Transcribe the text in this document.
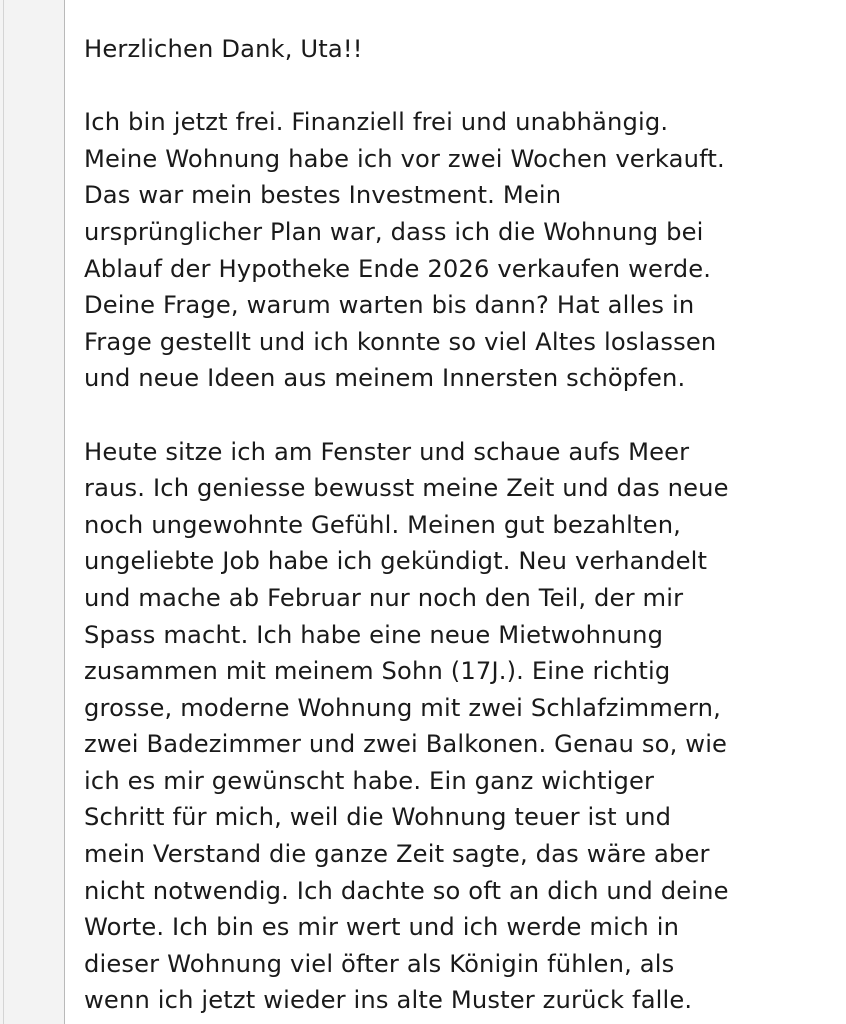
Herzlichen Dank, Uta!!

Ich bin jetzt frei. Finanziell frei und unabhängig.

Meine Wohnung habe ich vor zwei Wochen verkauft.

Das war mein bestes Investment. Mein

ursprünglicher Plan war, dass ich die Wohnung bei

Ablauf der Hypotheke Ende 2026 verkaufen werde.

Deine Frage, warum warten bis dann? Hat alles in

Frage gestellt und ich konnte so viel Altes loslassen

und neue Ideen aus meinem Innersten schöpfen.

Heute sitze ich am Fenster und schaue aufs Meer

raus. Ich geniesse bewusst meine Zeit und das neue

noch ungewohnte Gefühl. Meinen gut bezahlten,

ungeliebte Job habe ich gekündigt. Neu verhandelt

und mache ab Februar nur noch den Teil, der mir

Spass macht. Ich habe eine neue Mietwohnung

zusammen mit meinem Sohn (17J.). Eine richtig

grosse, moderne Wohnung mit zwei Schlafzimmern,

zwei Badezimmer und zwei Balkonen. Genau so, wie

ich es mir gewünscht habe. Ein ganz wichtiger

Schritt für mich, weil die Wohnung teuer ist und

mein Verstand die ganze Zeit sagte, das wäre aber

nicht notwendig. Ich dachte so oft an dich und deine

Worte. Ich bin es mir wert und ich werde mich in

dieser Wohnung viel öfter als Königin fühlen, als

wenn ich jetzt wieder ins alte Muster zurück falle.
